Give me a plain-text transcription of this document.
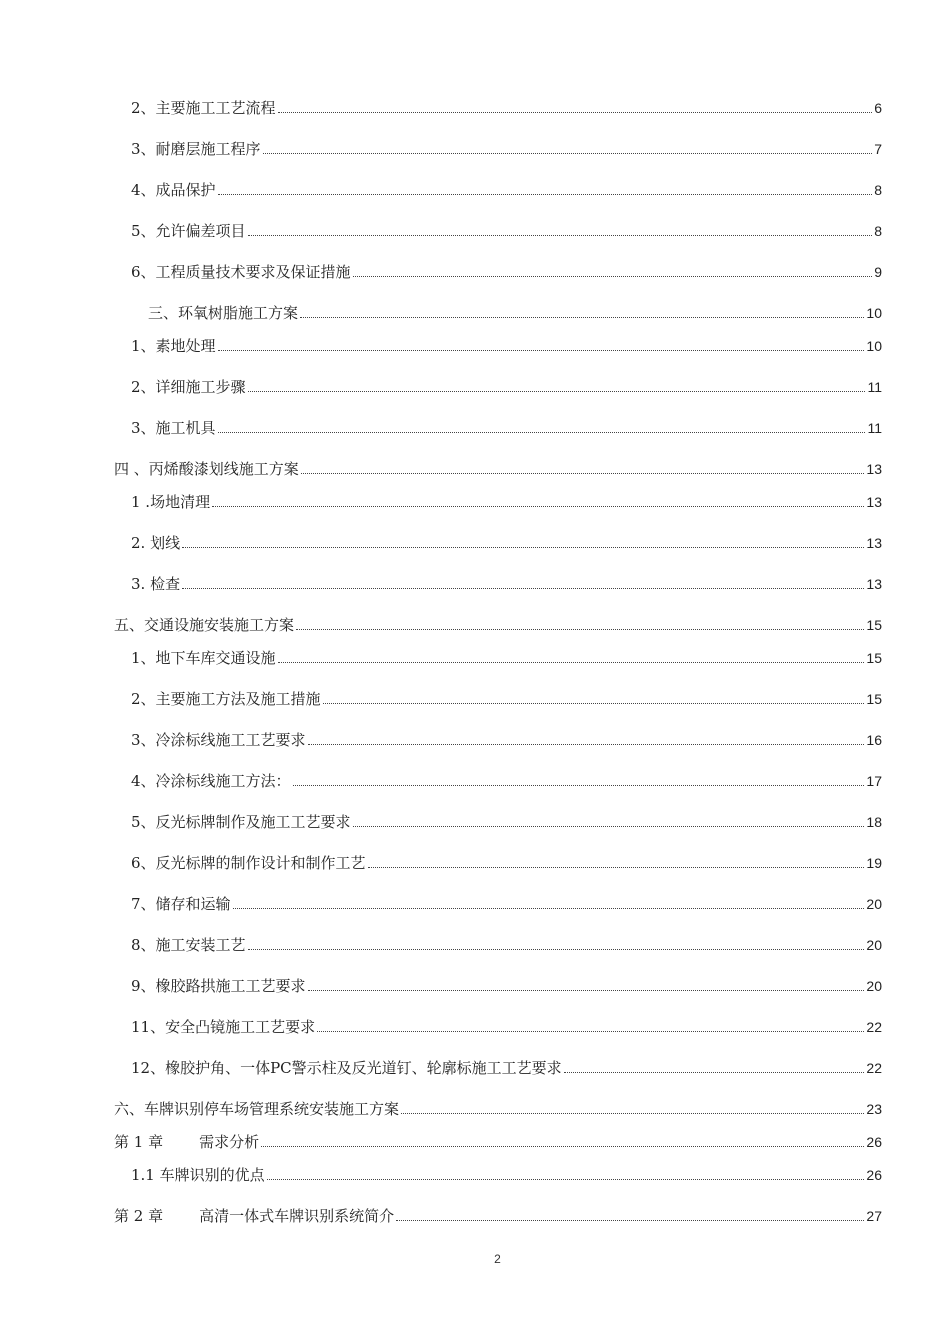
2、主要施工工艺流程	6
3、耐磨层施工程序	7
4、成品保护	8
5、允许偏差项目	8
6、工程质量技术要求及保证措施	9
三、环氧树脂施工方案	10
1、素地处理	10
2、详细施工步骤	11
3、施工机具	11
四 、丙烯酸漆划线施工方案	13
1 .场地清理	13
2. 划线	13
3. 检查	13
五、交通设施安装施工方案	15
1、地下车库交通设施	15
2、主要施工方法及施工措施	15
3、冷涂标线施工工艺要求	16
4、冷涂标线施工方法：	17
5、反光标牌制作及施工工艺要求	18
6、反光标牌的制作设计和制作工艺	19
7、储存和运输	20
8、施工安装工艺	20
9、橡胶路拱施工工艺要求	20
11、安全凸镜施工工艺要求	22
12、橡胶护角、一体PC警示柱及反光道钉、轮廓标施工工艺要求	22
六、车牌识别停车场管理系统安装施工方案	23
第 1 章 需求分析	26
1.1 车牌识别的优点	26
第 2 章 高清一体式车牌识别系统简介	27
2
